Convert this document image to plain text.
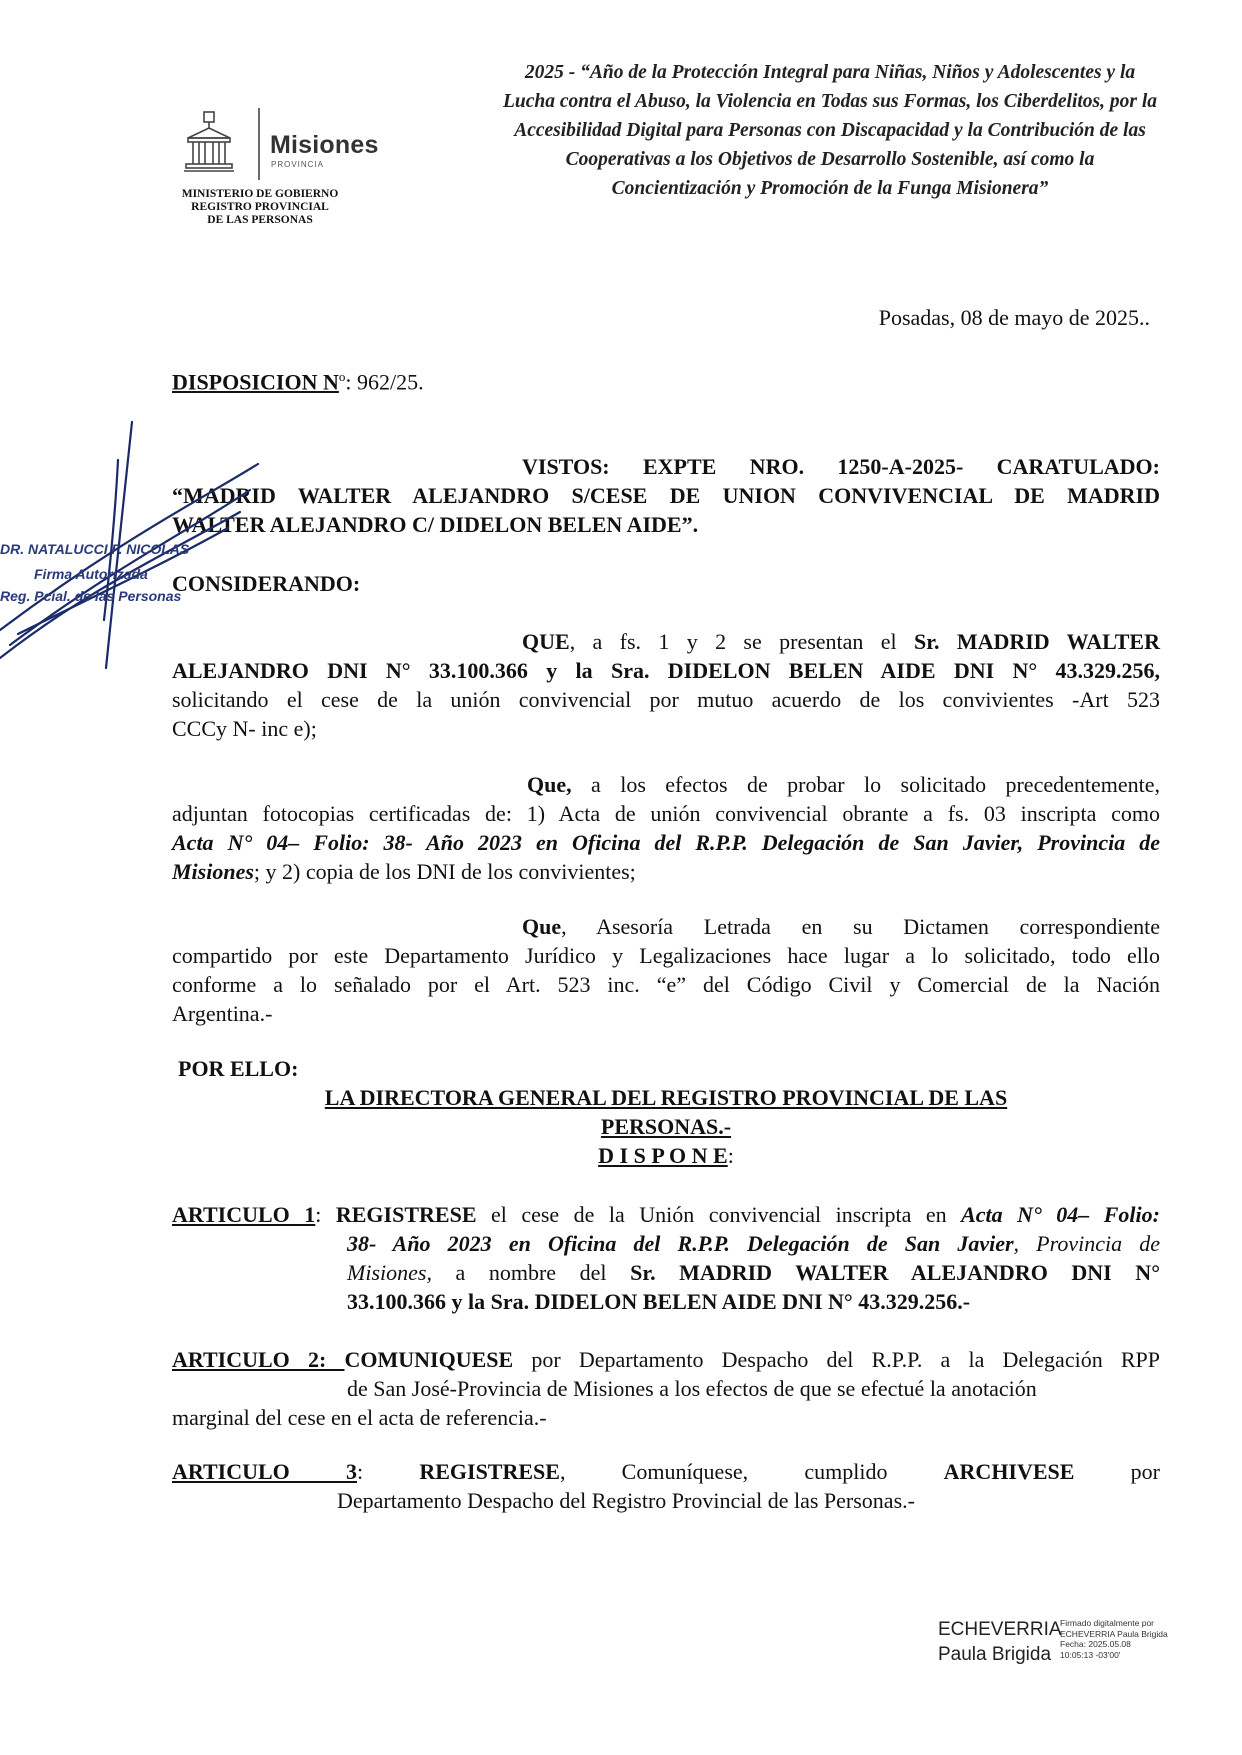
Misiones
PROVINCIA
MINISTERIO DE GOBIERNO
REGISTRO PROVINCIAL
DE LAS PERSONAS
2025 - “Año de la Protección Integral para Niñas, Niños y Adolescentes y la
Lucha contra el Abuso, la Violencia en Todas sus Formas, los Ciberdelitos, por la
Accesibilidad Digital para Personas con Discapacidad y la Contribución de las
Cooperativas a los Objetivos de Desarrollo Sostenible, así como la
Concientización y Promoción de la Funga Misionera”
Posadas, 08 de mayo de 2025..
DISPOSICION $N^o$: 962/25.
VISTOS: EXPTE NRO. 1250-A-2025- CARATULADO:
“MADRID WALTER ALEJANDRO S/CESE DE UNION CONVIVENCIAL DE MADRID
WALTER ALEJANDRO C/ DIDELON BELEN AIDE”.
CONSIDERANDO:
QUE, a fs. 1 y 2 se presentan el Sr. MADRID WALTER
ALEJANDRO DNI N° 33.100.366 y la Sra. DIDELON BELEN AIDE DNI N° 43.329.256,
solicitando el cese de la unión convivencial por mutuo acuerdo de los convivientes -Art 523
CCCy N- inc e);
Que, a los efectos de probar lo solicitado precedentemente,
adjuntan fotocopias certificadas de: 1) Acta de unión convivencial obrante a fs. 03 inscripta como
Acta N° 04– Folio: 38- Año 2023 en Oficina del R.P.P. Delegación de San Javier, Provincia de
Misiones; y 2) copia de los DNI de los convivientes;
Que, Asesoría Letrada en su Dictamen correspondiente
compartido por este Departamento Jurídico y Legalizaciones hace lugar a lo solicitado, todo ello
conforme a lo señalado por el Art. 523 inc. “e” del Código Civil y Comercial de la Nación
Argentina.-
POR ELLO:
LA DIRECTORA GENERAL DEL REGISTRO PROVINCIAL DE LAS
PERSONAS.-
D I S P O N E:
ARTICULO 1: REGISTRESE el cese de la Unión convivencial inscripta en Acta N° 04– Folio:
38- Año 2023 en Oficina del R.P.P. Delegación de San Javier, Provincia de
Misiones, a nombre del Sr. MADRID WALTER ALEJANDRO DNI N°
33.100.366 y la Sra. DIDELON BELEN AIDE DNI N° 43.329.256.-
ARTICULO 2: COMUNIQUESE por Departamento Despacho del R.P.P. a la Delegación RPP
de San José-Provincia de Misiones a los efectos de que se efectué la anotación
marginal del cese en el acta de referencia.-
ARTICULO 3: REGISTRESE, Comuníquese, cumplido ARCHIVESE por
Departamento Despacho del Registro Provincial de las Personas.-
DR. NATALUCCI F. NICOLAS
Firma Autorizada
Reg. Pcial. de las Personas
ECHEVERRIA
Paula Brigida
Firmado digitalmente por
ECHEVERRIA Paula Brigida
Fecha: 2025.05.08
10:05:13 -03'00'
